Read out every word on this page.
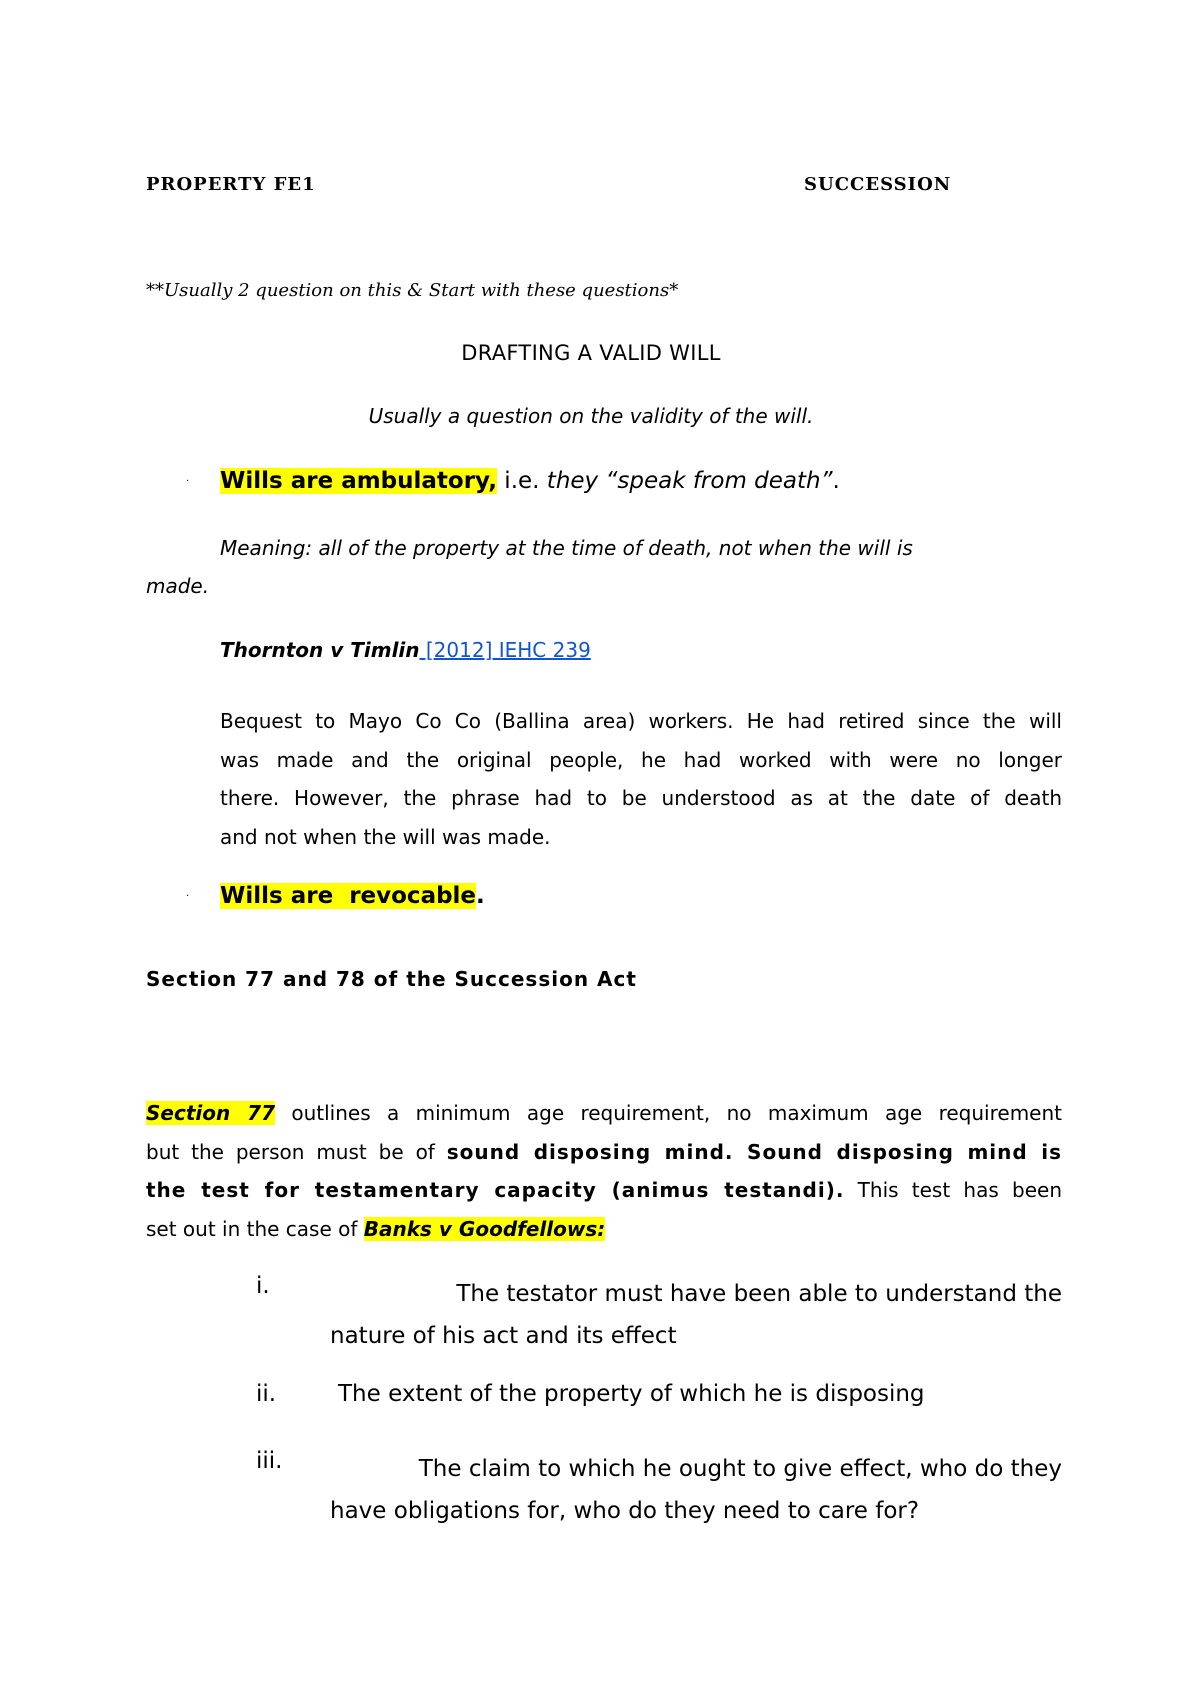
PROPERTY FE1	SUCCESSION
**Usually 2 question on this & Start with these questions*
DRAFTING A VALID WILL
Usually a question on the validity of the will.
· Wills are ambulatory, i.e. they “speak from death”.
Meaning: all of the property at the time of death, not when the will is
made.
Thornton v Timlin [2012] IEHC 239
Bequest to Mayo Co Co (Ballina area) workers. He had retired since the will
was made and the original people, he had worked with were no longer
there. However, the phrase had to be understood as at the date of death
and not when the will was made.
· Wills are  revocable.
Section 77 and 78 of the Succession Act
Section 77 outlines a minimum age requirement, no maximum age requirement
but the person must be of sound disposing mind. Sound disposing mind is
the test for testamentary capacity (animus testandi). This test has been
set out in the case of Banks v Goodfellows:
i.	The testator must have been able to understand the
nature of his act and its effect
ii.	The extent of the property of which he is disposing
iii.	The claim to which he ought to give effect, who do they
have obligations for, who do they need to care for?
